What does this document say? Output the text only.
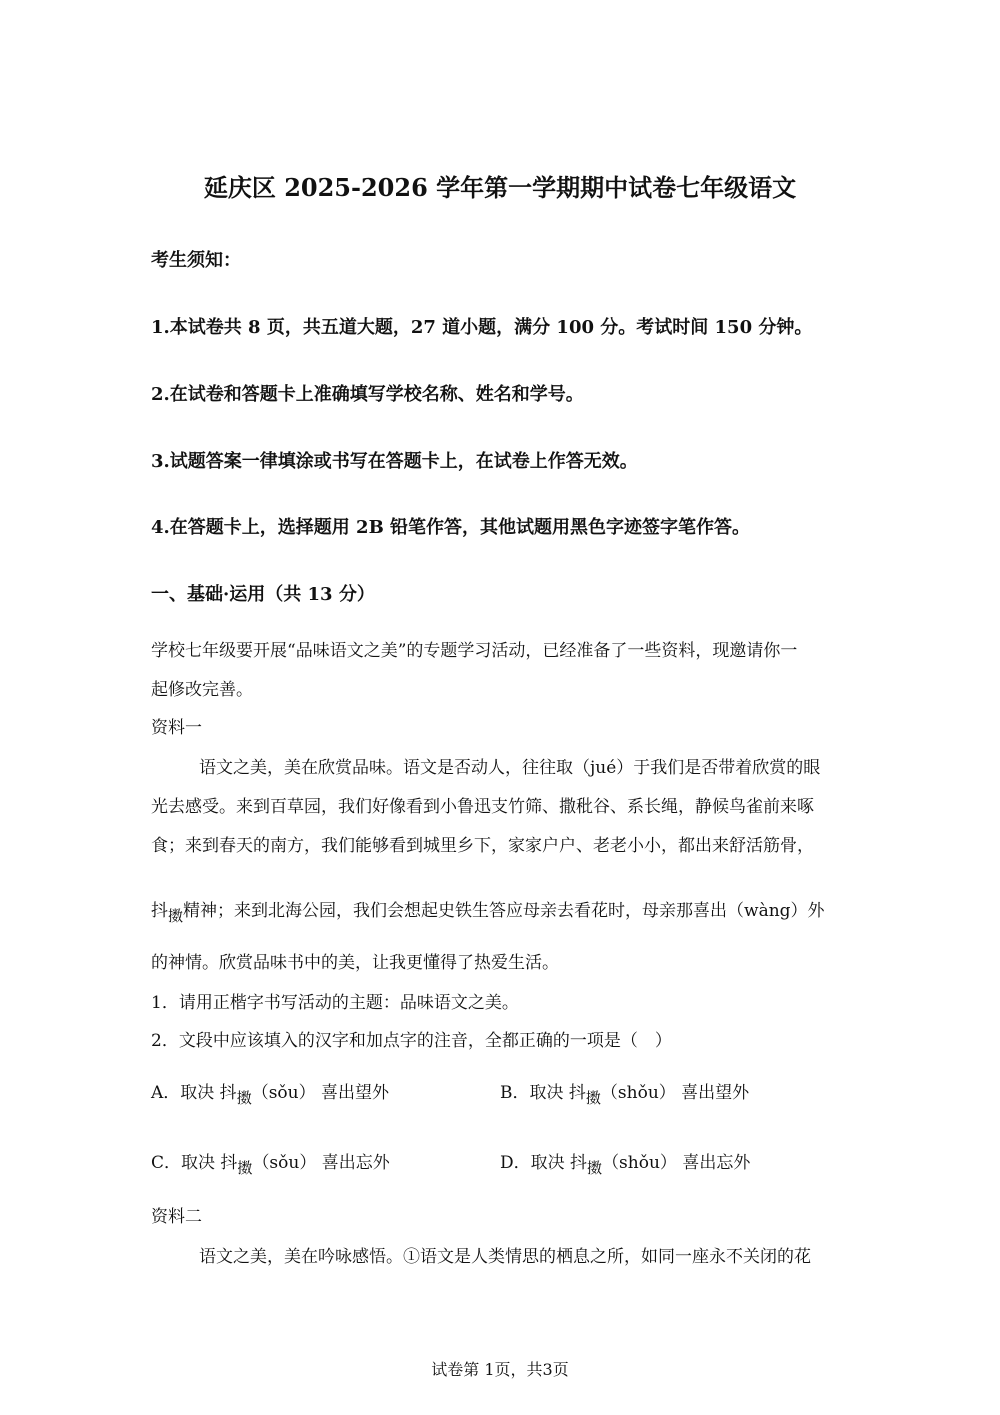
延庆区 2025-2026 学年第一学期期中试卷七年级语文
考生须知：
1.本试卷共 8 页，共五道大题，27 道小题，满分 100 分。考试时间 150 分钟。
2.在试卷和答题卡上准确填写学校名称、姓名和学号。
3.试题答案一律填涂或书写在答题卡上，在试卷上作答无效。
4.在答题卡上，选择题用 2B 铅笔作答，其他试题用黑色字迹签字笔作答。
一、基础·运用（共 13 分）
学校七年级要开展“品味语文之美”的专题学习活动，已经准备了一些资料，现邀请你一
起修改完善。
资料一
语文之美，美在欣赏品味。语文是否动人，往往取（jué）于我们是否带着欣赏的眼
光去感受。来到百草园，我们好像看到小鲁迅支竹筛、撒秕谷、系长绳，静候鸟雀前来啄
食；来到春天的南方，我们能够看到城里乡下，家家户户、老老小小，都出来舒活筋骨，
抖擞精神；来到北海公园，我们会想起史铁生答应母亲去看花时，母亲那喜出（wàng）外
的神情。欣赏品味书中的美，让我更懂得了热爱生活。
1．请用正楷字书写活动的主题：品味语文之美。
2．文段中应该填入的汉字和加点字的注音，全都正确的一项是（　）
A．取决 抖擞（sǒu） 喜出望外	B．取决 抖擞（shǒu） 喜出望外
C．取决 抖擞（sǒu） 喜出忘外	D．取决 抖擞（shǒu） 喜出忘外
资料二
语文之美，美在吟咏感悟。①语文是人类情思的栖息之所，如同一座永不关闭的花
试卷第 1页，共3页
